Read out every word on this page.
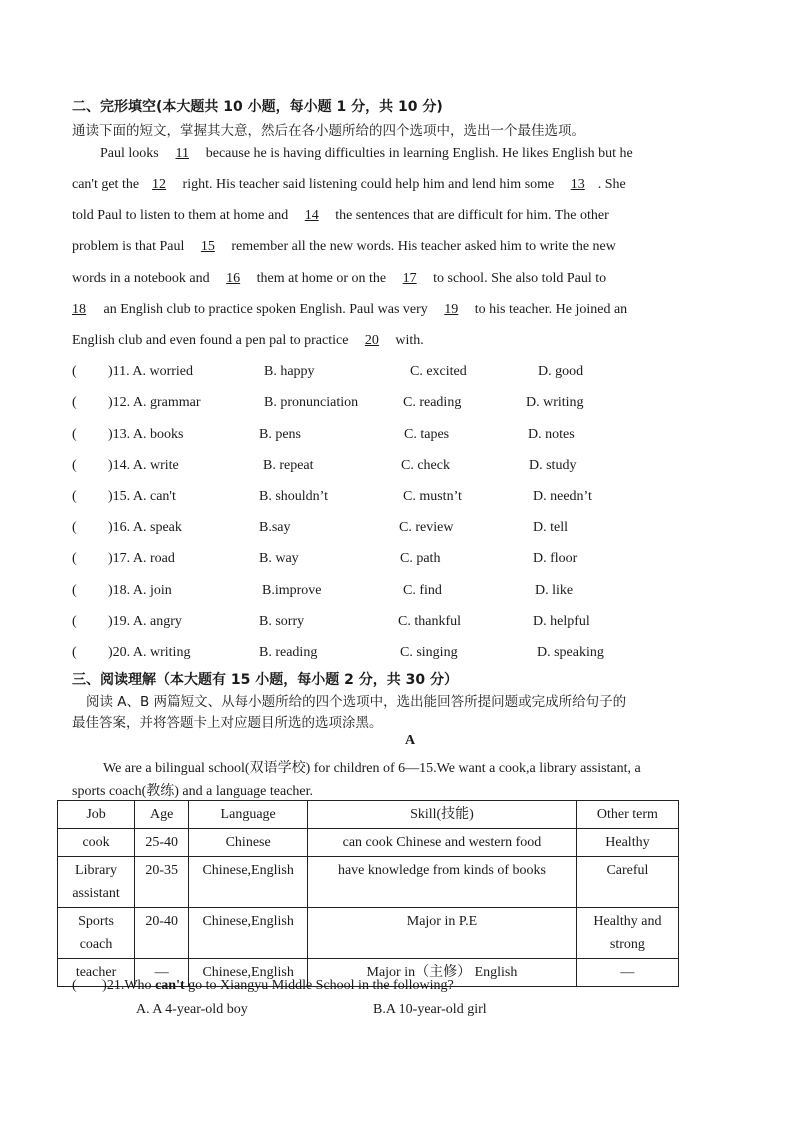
二、完形填空(本大题共 10 小题，每小题 1 分，共 10 分)
通读下面的短文，掌握其大意，然后在各小题所给的四个选项中，选出一个最佳选项。
Paul looks 11 because he is having difficulties in learning English. He likes English but he
can't get the12 right. His teacher said listening could help him and lend him some 13. She
told Paul to listen to them at home and 14 the sentences that are difficult for him. The other
problem is that Paul 15 remember all the new words. His teacher asked him to write the new
words in a notebook and 16 them at home or on the 17 to school. She also told Paul to
18 an English club to practice spoken English. Paul was very 19 to his teacher. He joined an
English club and even found a pen pal to practice 20 with.
( )11. A. worried	B. happy	C. excited	D. good
( )12. A. grammar	B. pronunciation	C. reading	D. writing
( )13. A. books	B. pens	C. tapes	D. notes
( )14. A. write	B. repeat	C. check	D. study
( )15. A. can't	B. shouldn’t	C. mustn’t	D. needn’t
( )16. A. speak	B.say	C. review	D. tell
( )17. A. road	B. way	C. path	D. floor
( )18. A. join	B.improve	C. find	D. like
( )19. A. angry	B. sorry	C. thankful	D. helpful
( )20. A. writing	B. reading	C. singing	D. speaking
三、阅读理解（本大题有 15 小题，每小题 2 分，共 30 分）
阅读 A、B 两篇短文、从每小题所给的四个选项中，选出能回答所提问题或完成所给句子的
最佳答案，并将答题卡上对应题目所选的选项涂黑。
A
We are a bilingual school(双语学校) for children of 6—15.We want a cook,a library assistant, a
sports coach(教练) and a language teacher.
Job	Age	Language	Skill(技能)	Other term
cook	25-40	Chinese	can cook Chinese and western food	Healthy
Library assistant	20-35	Chinese,English	have knowledge from kinds of books	Careful
Sports coach	20-40	Chinese,English	Major in P.E	Healthy and strong
teacher	—	Chinese,English	Major in（主修） English	—
( )21.Who can't go to Xiangyu Middle School in the following?
A. A 4-year-old boy	B.A 10-year-old girl
